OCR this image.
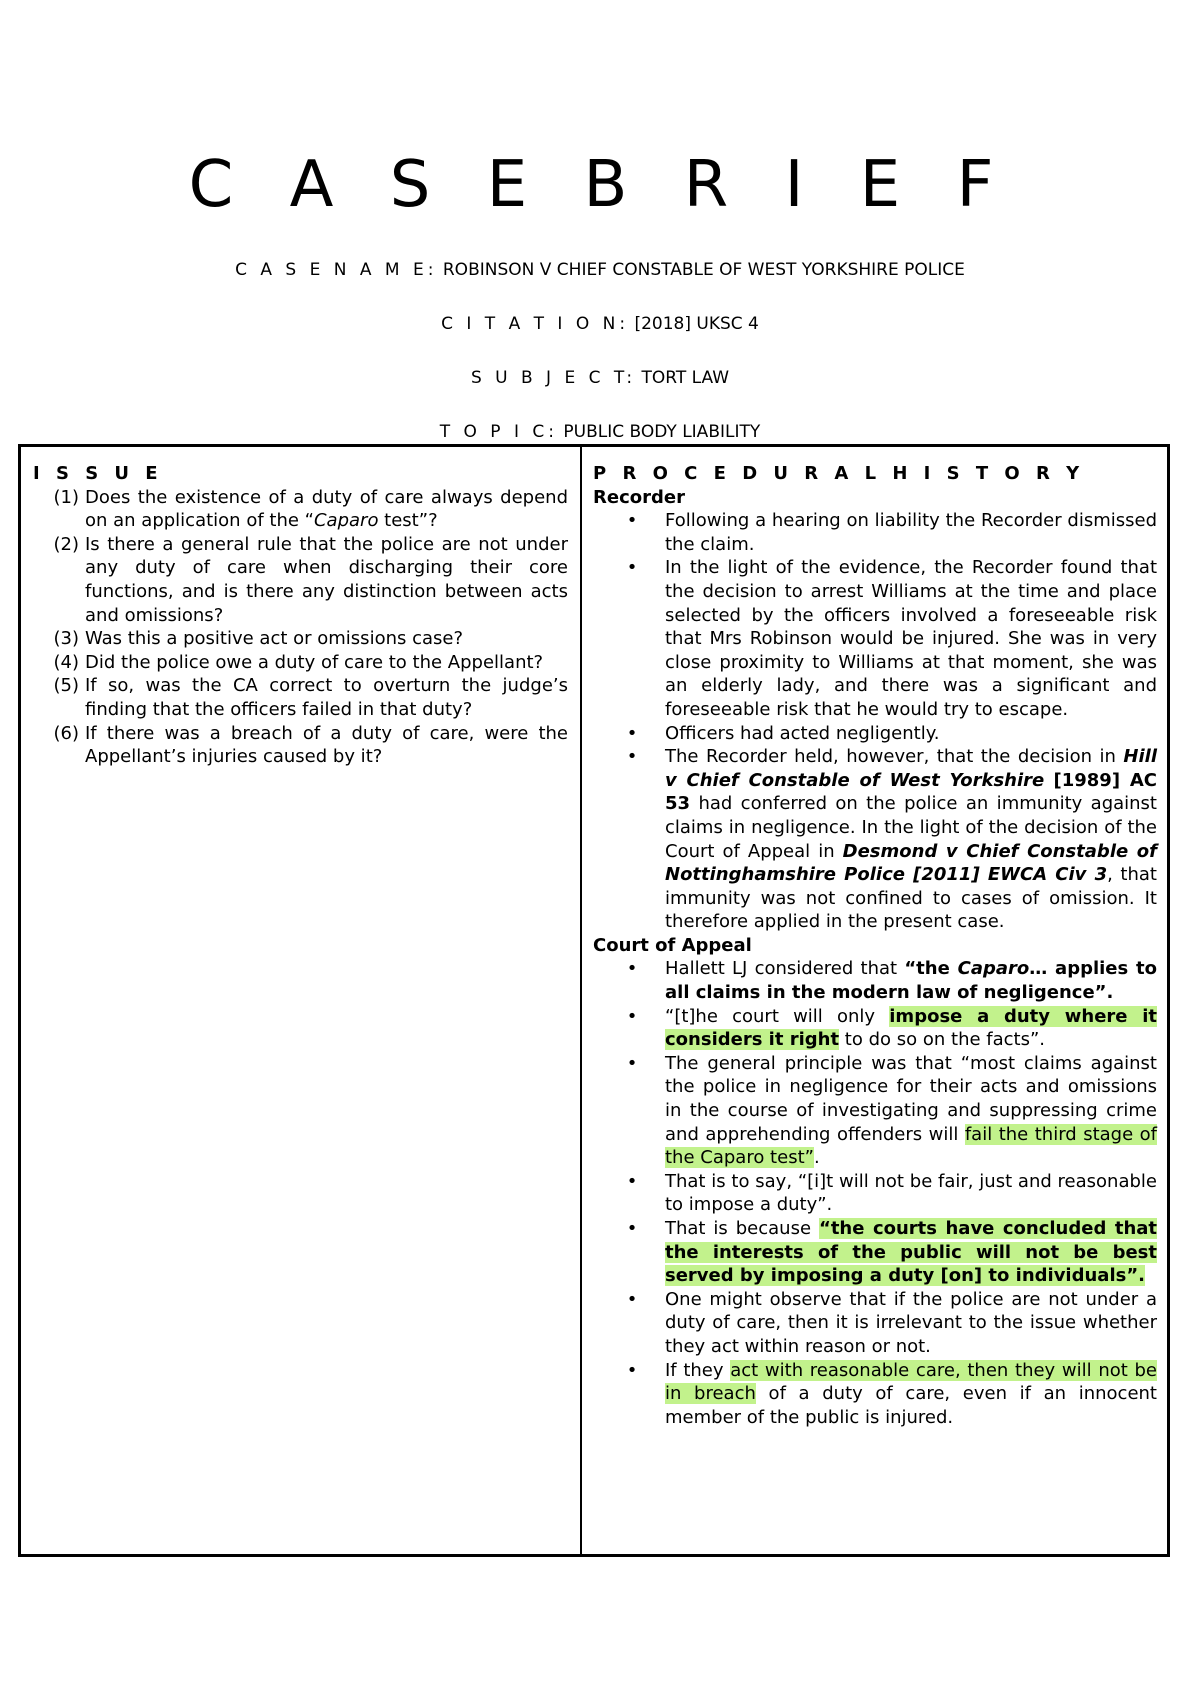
C A S E B R I E F

C A S E N A M E: ROBINSON V CHIEF CONSTABLE OF WEST YORKSHIRE POLICE

C I T A T I O N: [2018] UKSC 4

S U B J E C T: TORT LAW

T O P I C: PUBLIC BODY LIABILITY

I S S U E

(1) Does the existence of a duty of care always depend on an application of the “Caparo test”?
(2) Is there a general rule that the police are not under any duty of care when discharging their core functions, and is there any distinction between acts and omissions?
(3) Was this a positive act or omissions case?
(4) Did the police owe a duty of care to the Appellant?
(5) If so, was the CA correct to overturn the judge’s finding that the officers failed in that duty?
(6) If there was a breach of a duty of care, were the Appellant’s injuries caused by it?

P R O C E D U R A L H I S T O R Y

Recorder

•	Following a hearing on liability the Recorder dismissed the claim.
•	In the light of the evidence, the Recorder found that the decision to arrest Williams at the time and place selected by the officers involved a foreseeable risk that Mrs Robinson would be injured. She was in very close proximity to Williams at that moment, she was an elderly lady, and there was a significant and foreseeable risk that he would try to escape.
•	Officers had acted negligently.
•	The Recorder held, however, that the decision in Hill v Chief Constable of West Yorkshire [1989] AC 53 had conferred on the police an immunity against claims in negligence. In the light of the decision of the Court of Appeal in Desmond v Chief Constable of Nottinghamshire Police [2011] EWCA Civ 3, that immunity was not confined to cases of omission. It therefore applied in the present case.

Court of Appeal

•	Hallett LJ considered that “the Caparo… applies to all claims in the modern law of negligence”.
•	“[t]he court will only impose a duty where it considers it right to do so on the facts”.
•	The general principle was that “most claims against the police in negligence for their acts and omissions in the course of investigating and suppressing crime and apprehending offenders will fail the third stage of the Caparo test”.
•	That is to say, “[i]t will not be fair, just and reasonable to impose a duty”.
•	That is because “the courts have concluded that the interests of the public will not be best served by imposing a duty [on] to individuals”.
•	One might observe that if the police are not under a duty of care, then it is irrelevant to the issue whether they act within reason or not.
•	If they act with reasonable care, then they will not be in breach of a duty of care, even if an innocent member of the public is injured.
